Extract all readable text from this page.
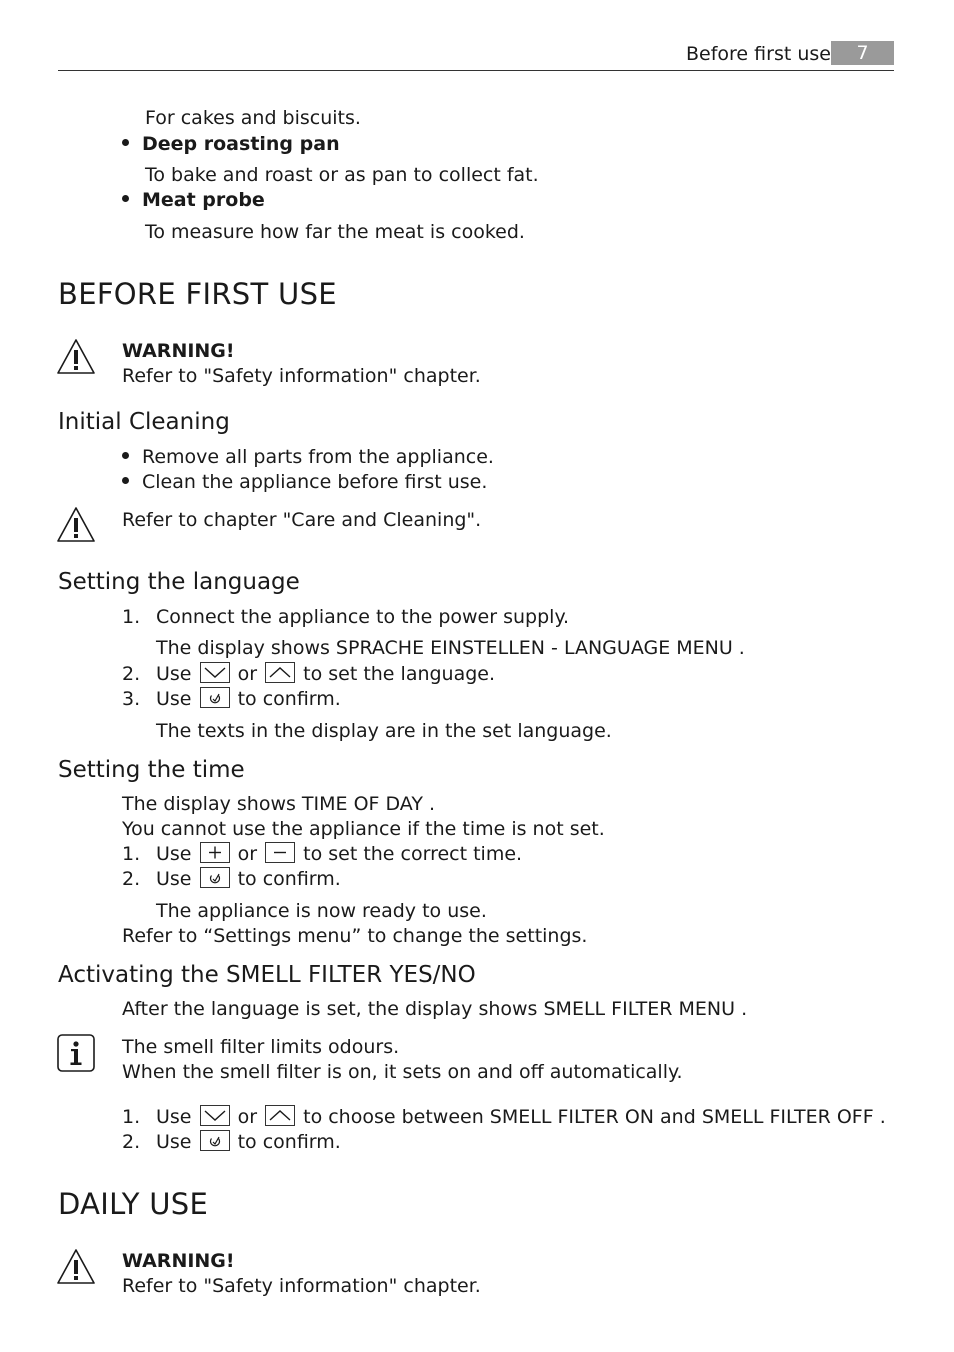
Before first use	7
For cakes and biscuits.
Deep roasting pan
To bake and roast or as pan to collect fat.
Meat probe
To measure how far the meat is cooked.
BEFORE FIRST USE
WARNING!
Refer to "Safety information" chapter.
Initial Cleaning
Remove all parts from the appliance.
Clean the appliance before first use.
Refer to chapter "Care and Cleaning".
Setting the language
1. Connect the appliance to the power supply.
The display shows SPRACHE EINSTELLEN - LANGUAGE MENU .
2. Use or to set the language.
3. Use to confirm.
The texts in the display are in the set language.
Setting the time
The display shows TIME OF DAY .
You cannot use the appliance if the time is not set.
1. Use or to set the correct time.
2. Use to confirm.
The appliance is now ready to use.
Refer to “Settings menu” to change the settings.
Activating the SMELL FILTER YES/NO
After the language is set, the display shows SMELL FILTER MENU .
The smell filter limits odours.
When the smell filter is on, it sets on and off automatically.
1. Use or to choose between SMELL FILTER ON and SMELL FILTER OFF .
2. Use to confirm.
DAILY USE
WARNING!
Refer to "Safety information" chapter.
